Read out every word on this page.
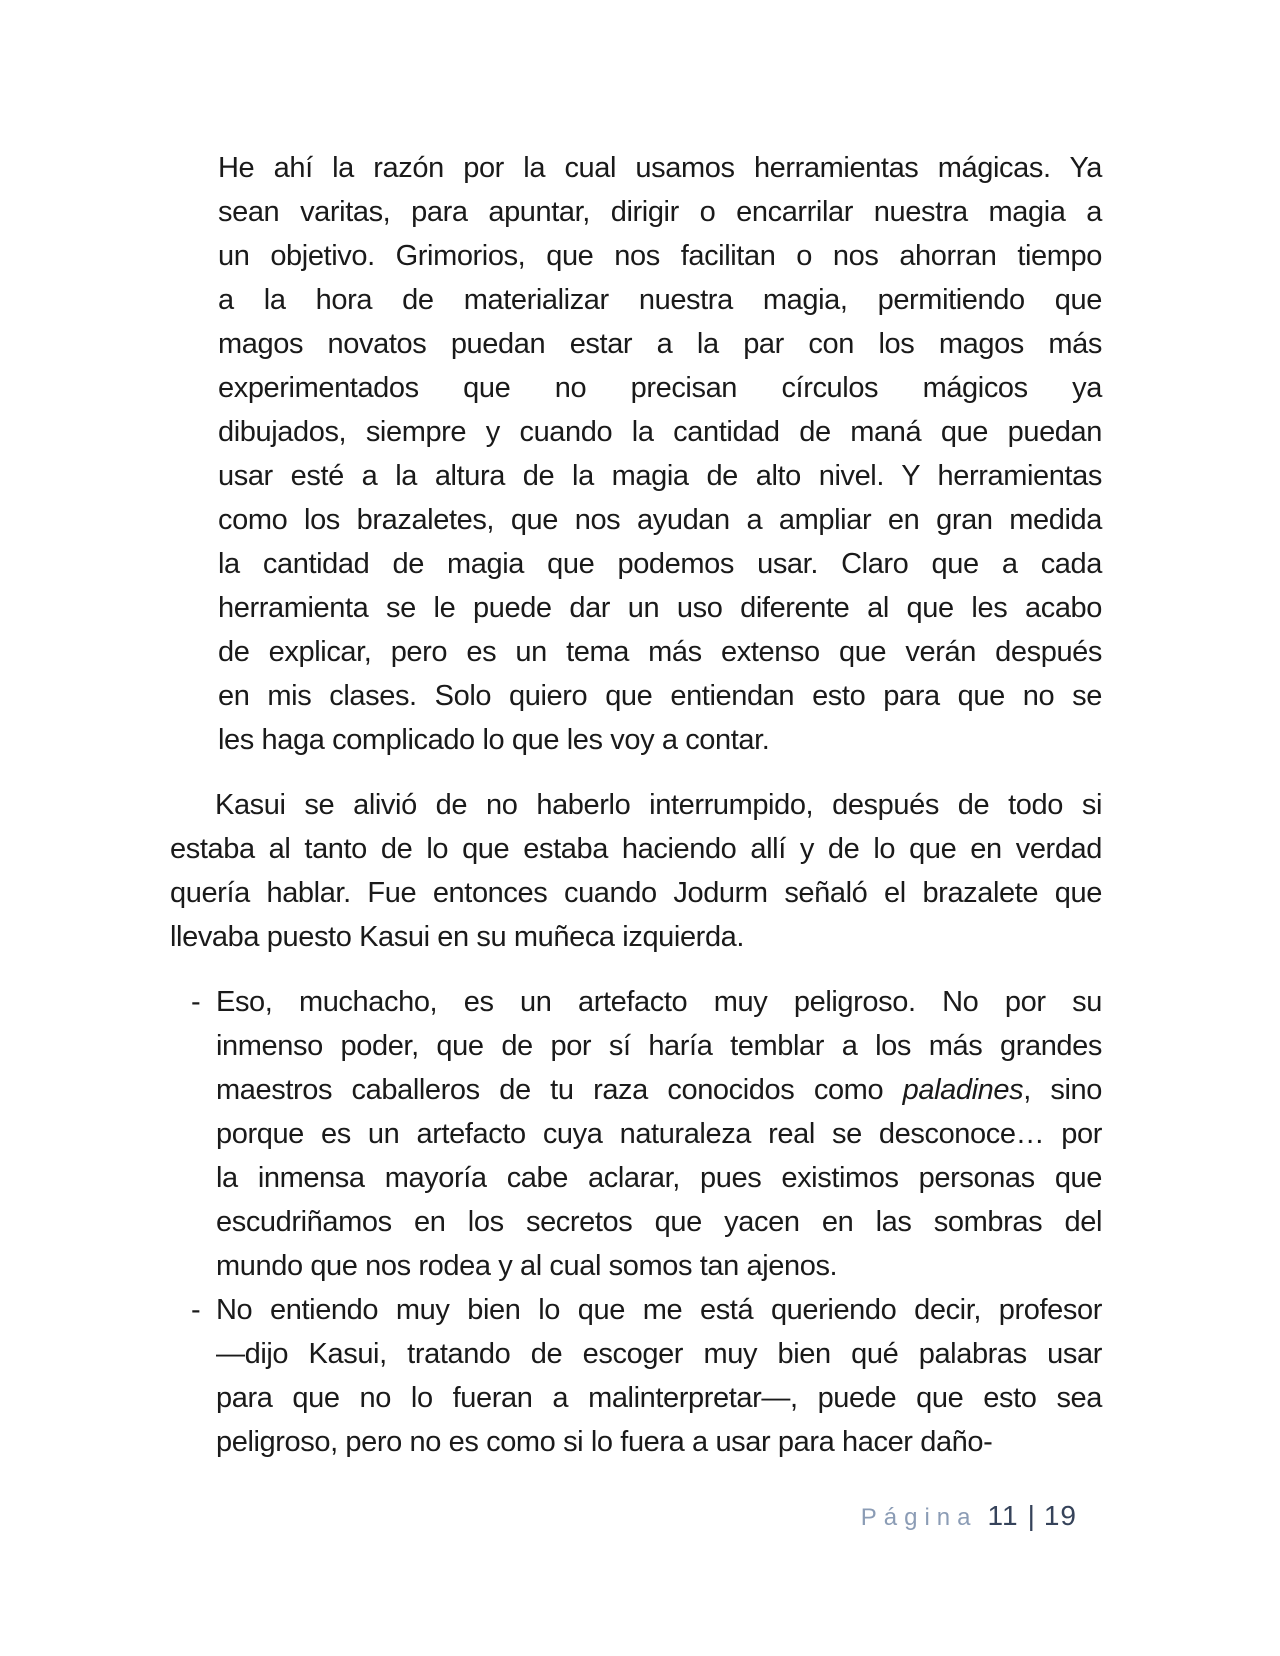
He ahí la razón por la cual usamos herramientas mágicas. Ya
sean varitas, para apuntar, dirigir o encarrilar nuestra magia a
un objetivo. Grimorios, que nos facilitan o nos ahorran tiempo
a la hora de materializar nuestra magia, permitiendo que
magos novatos puedan estar a la par con los magos más
experimentados que no precisan círculos mágicos ya
dibujados, siempre y cuando la cantidad de maná que puedan
usar esté a la altura de la magia de alto nivel. Y herramientas
como los brazaletes, que nos ayudan a ampliar en gran medida
la cantidad de magia que podemos usar. Claro que a cada
herramienta se le puede dar un uso diferente al que les acabo
de explicar, pero es un tema más extenso que verán después
en mis clases. Solo quiero que entiendan esto para que no se
les haga complicado lo que les voy a contar.
Kasui se alivió de no haberlo interrumpido, después de todo si
estaba al tanto de lo que estaba haciendo allí y de lo que en verdad
quería hablar. Fue entonces cuando Jodurm señaló el brazalete que
llevaba puesto Kasui en su muñeca izquierda.
- Eso, muchacho, es un artefacto muy peligroso. No por su
inmenso poder, que de por sí haría temblar a los más grandes
maestros caballeros de tu raza conocidos como paladines, sino
porque es un artefacto cuya naturaleza real se desconoce… por
la inmensa mayoría cabe aclarar, pues existimos personas que
escudriñamos en los secretos que yacen en las sombras del
mundo que nos rodea y al cual somos tan ajenos.
- No entiendo muy bien lo que me está queriendo decir, profesor
—dijo Kasui, tratando de escoger muy bien qué palabras usar
para que no lo fueran a malinterpretar—, puede que esto sea
peligroso, pero no es como si lo fuera a usar para hacer daño-
Página 11 | 19
